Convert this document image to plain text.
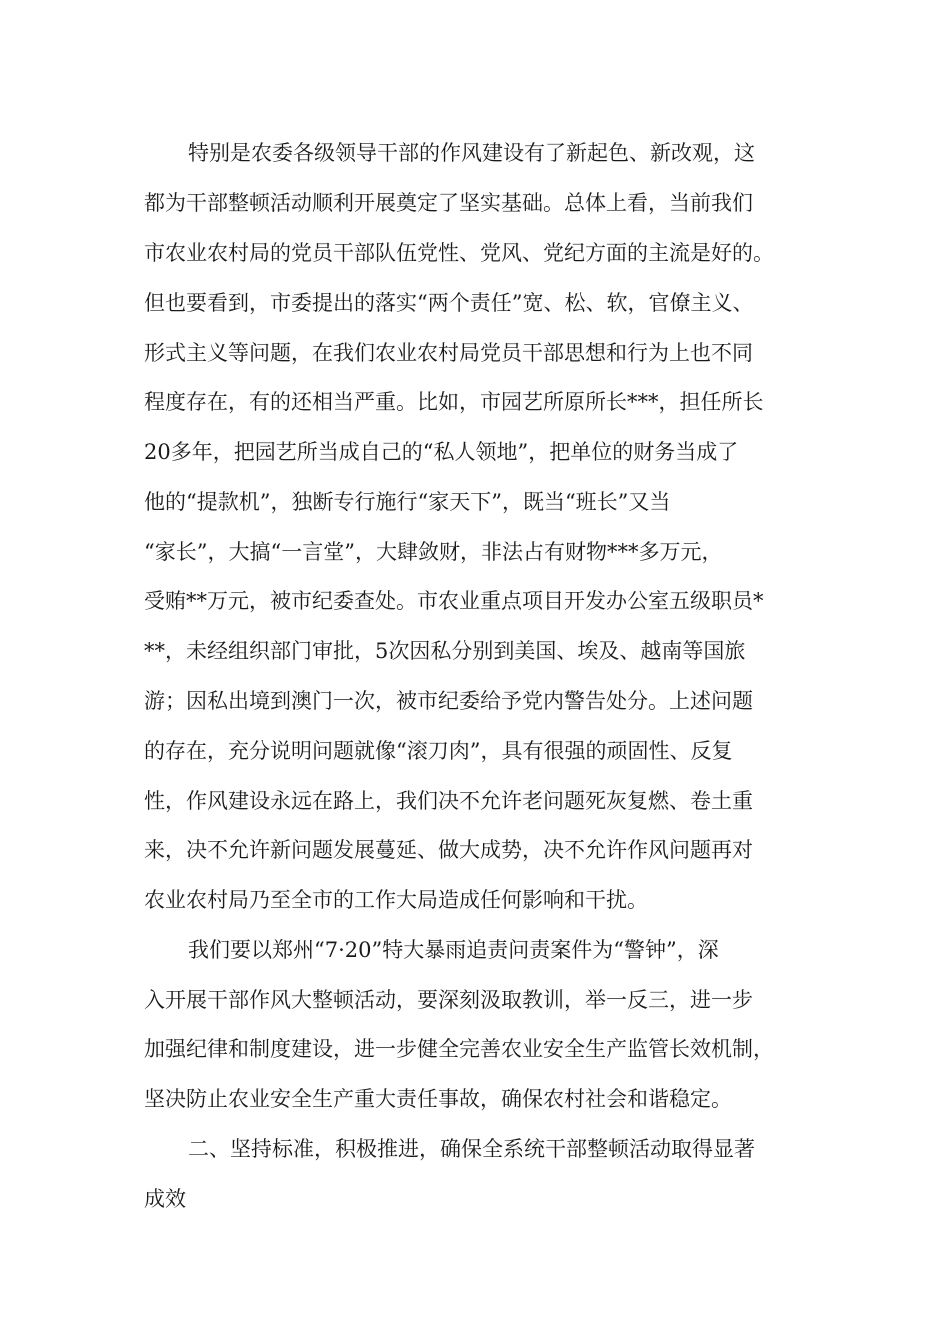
特别是农委各级领导干部的作风建设有了新起色、新改观，这

都为干部整顿活动顺利开展奠定了坚实基础。总体上看，当前我们

市农业农村局的党员干部队伍党性、党风、党纪方面的主流是好的。

但也要看到，市委提出的落实“两个责任”宽、松、软，官僚主义、

形式主义等问题，在我们农业农村局党员干部思想和行为上也不同

程度存在，有的还相当严重。比如，市园艺所原所长***，担任所长

20多年，把园艺所当成自己的“私人领地”，把单位的财务当成了

他的“提款机”，独断专行施行“家天下”，既当“班长”又当

“家长”，大搞“一言堂”，大肆敛财，非法占有财物***多万元，

受贿**万元，被市纪委查处。市农业重点项目开发办公室五级职员*

**，未经组织部门审批，5次因私分别到美国、埃及、越南等国旅

游；因私出境到澳门一次，被市纪委给予党内警告处分。上述问题

的存在，充分说明问题就像“滚刀肉”，具有很强的顽固性、反复

性，作风建设永远在路上，我们决不允许老问题死灰复燃、卷土重

来，决不允许新问题发展蔓延、做大成势，决不允许作风问题再对

农业农村局乃至全市的工作大局造成任何影响和干扰。

我们要以郑州“7·20”特大暴雨追责问责案件为“警钟”，深

入开展干部作风大整顿活动，要深刻汲取教训，举一反三，进一步

加强纪律和制度建设，进一步健全完善农业安全生产监管长效机制，

坚决防止农业安全生产重大责任事故，确保农村社会和谐稳定。

二、坚持标准，积极推进，确保全系统干部整顿活动取得显著

成效
